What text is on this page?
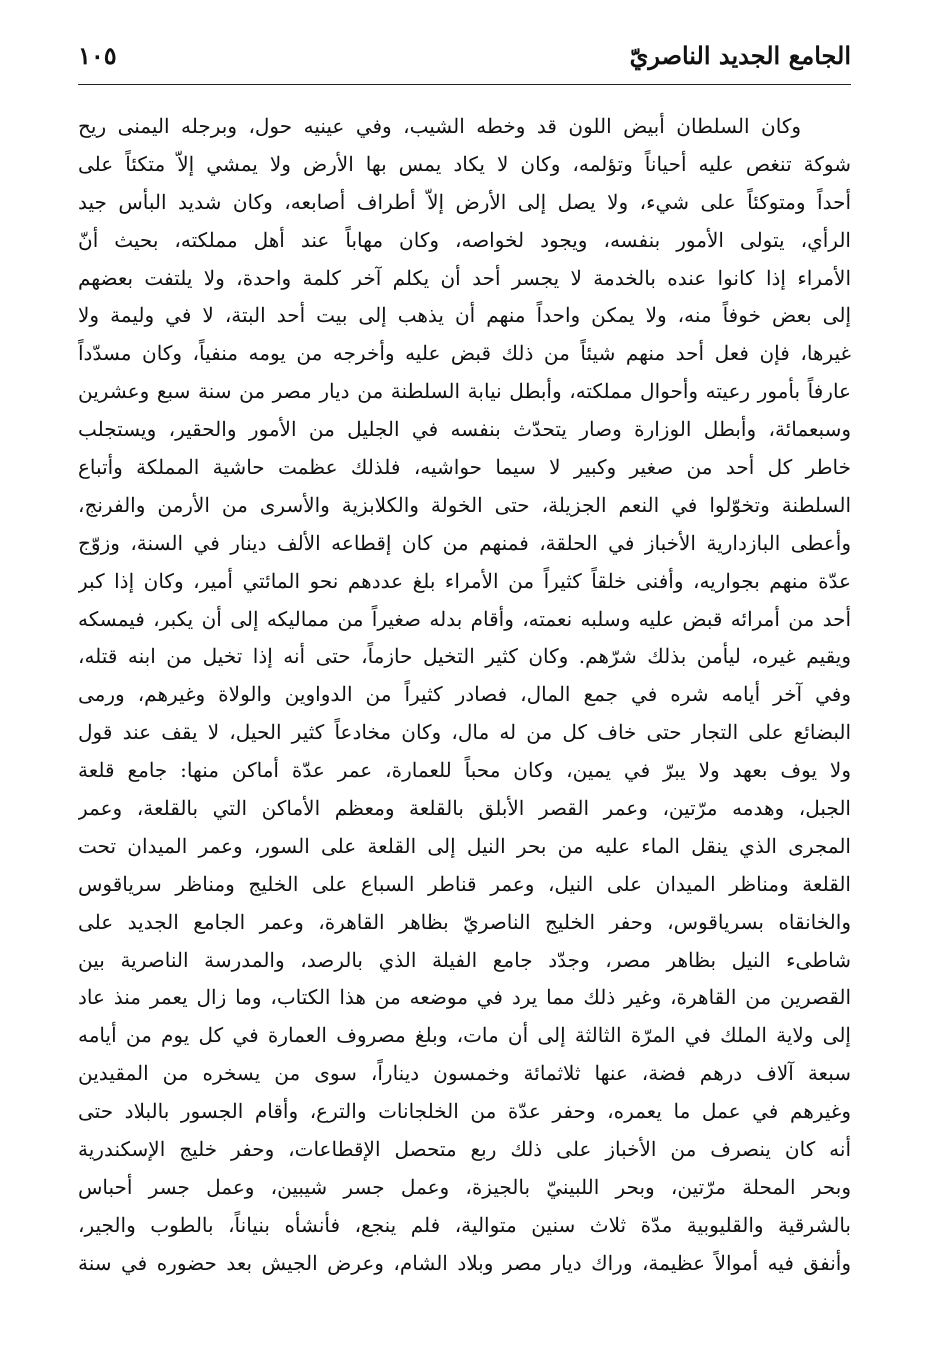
الجامع الجديد الناصريّ
١٠٥
وكان السلطان أبيض اللون قد وخطه الشيب، وفي عينيه حول، وبرجله اليمنى ريح
شوكة تنغص عليه أحياناً وتؤلمه، وكان لا يكاد يمس بها الأرض ولا يمشي إلاّ متكئاً على
أحداً ومتوكئاً على شيء، ولا يصل إلى الأرض إلاّ أطراف أصابعه، وكان شديد البأس جيد
الرأي، يتولى الأمور بنفسه، ويجود لخواصه، وكان مهاباً عند أهل مملكته، بحيث أنّ
الأمراء إذا كانوا عنده بالخدمة لا يجسر أحد أن يكلم آخر كلمة واحدة، ولا يلتفت بعضهم
إلى بعض خوفاً منه، ولا يمكن واحداً منهم أن يذهب إلى بيت أحد البتة، لا في وليمة ولا
غيرها، فإن فعل أحد منهم شيئاً من ذلك قبض عليه وأخرجه من يومه منفياً، وكان مسدّداً
عارفاً بأمور رعيته وأحوال مملكته، وأبطل نيابة السلطنة من ديار مصر من سنة سبع وعشرين
وسبعمائة، وأبطل الوزارة وصار يتحدّث بنفسه في الجليل من الأمور والحقير، ويستجلب
خاطر كل أحد من صغير وكبير لا سيما حواشيه، فلذلك عظمت حاشية المملكة وأتباع
السلطنة وتخوّلوا في النعم الجزيلة، حتى الخولة والكلابزية والأسرى من الأرمن والفرنج،
وأعطى البازدارية الأخباز في الحلقة، فمنهم من كان إقطاعه الألف دينار في السنة، وزوّج
عدّة منهم بجواريه، وأفنى خلقاً كثيراً من الأمراء بلغ عددهم نحو المائتي أمير، وكان إذا كبر
أحد من أمرائه قبض عليه وسلبه نعمته، وأقام بدله صغيراً من مماليكه إلى أن يكبر، فيمسكه
ويقيم غيره، ليأمن بذلك شرّهم. وكان كثير التخيل حازماً، حتى أنه إذا تخيل من ابنه قتله،
وفي آخر أيامه شره في جمع المال، فصادر كثيراً من الدواوين والولاة وغيرهم، ورمى
البضائع على التجار حتى خاف كل من له مال، وكان مخادعاً كثير الحيل، لا يقف عند قول
ولا يوف بعهد ولا يبرّ في يمين، وكان محباً للعمارة، عمر عدّة أماكن منها: جامع قلعة
الجبل، وهدمه مرّتين، وعمر القصر الأبلق بالقلعة ومعظم الأماكن التي بالقلعة، وعمر
المجرى الذي ينقل الماء عليه من بحر النيل إلى القلعة على السور، وعمر الميدان تحت
القلعة ومناظر الميدان على النيل، وعمر قناطر السباع على الخليج ومناظر سرياقوس
والخانقاه بسرياقوس، وحفر الخليج الناصريّ بظاهر القاهرة، وعمر الجامع الجديد على
شاطىء النيل بظاهر مصر، وجدّد جامع الفيلة الذي بالرصد، والمدرسة الناصرية بين
القصرين من القاهرة، وغير ذلك مما يرد في موضعه من هذا الكتاب، وما زال يعمر منذ عاد
إلى ولاية الملك في المرّة الثالثة إلى أن مات، وبلغ مصروف العمارة في كل يوم من أيامه
سبعة آلاف درهم فضة، عنها ثلاثمائة وخمسون ديناراً، سوى من يسخره من المقيدين
وغيرهم في عمل ما يعمره، وحفر عدّة من الخلجانات والترع، وأقام الجسور بالبلاد حتى
أنه كان ينصرف من الأخباز على ذلك ربع متحصل الإقطاعات، وحفر خليج الإسكندرية
وبحر المحلة مرّتين، وبحر اللبينيّ بالجيزة، وعمل جسر شيبين، وعمل جسر أحباس
بالشرقية والقليوبية مدّة ثلاث سنين متوالية، فلم ينجع، فأنشأه بنياناً، بالطوب والجير،
وأنفق فيه أموالاً عظيمة، وراك ديار مصر وبلاد الشام، وعرض الجيش بعد حضوره في سنة
